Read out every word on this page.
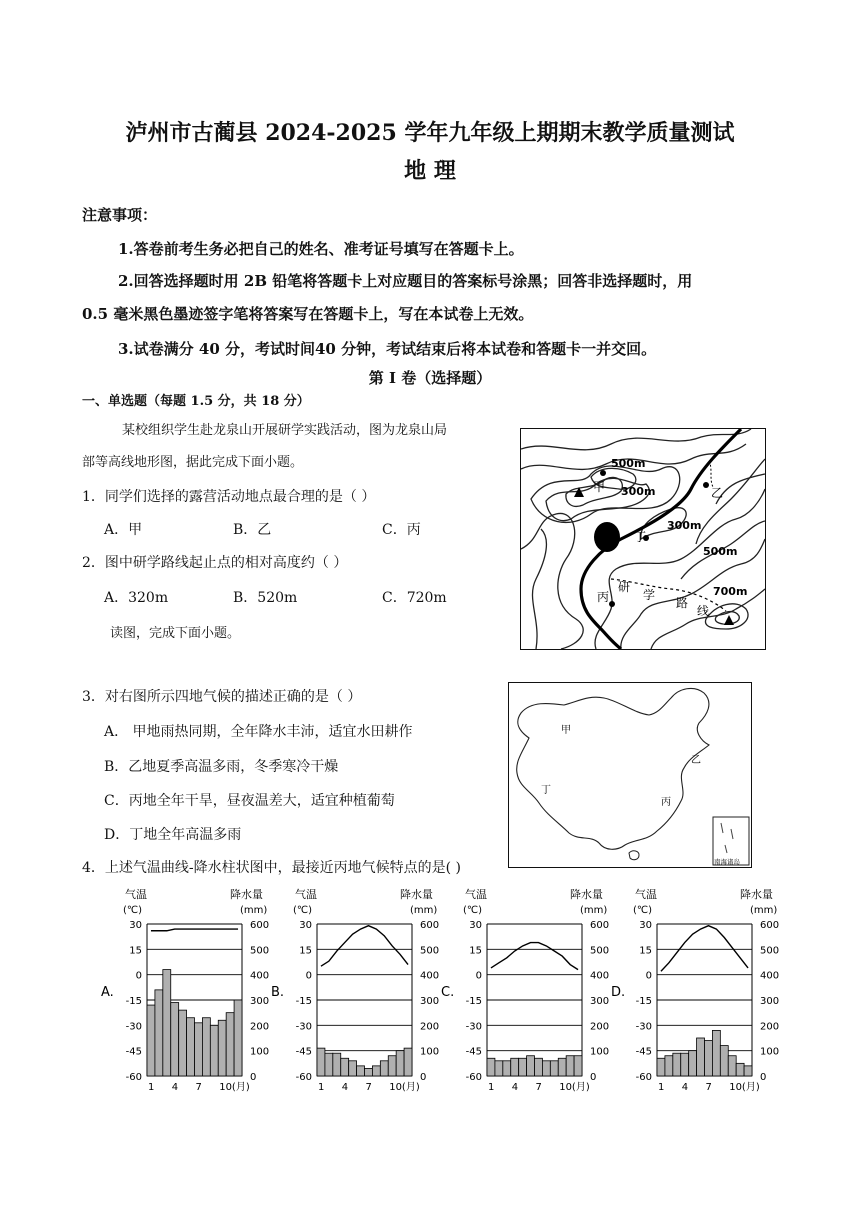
泸州市古蔺县 2024-2025 学年九年级上期期末教学质量测试
地 理
注意事项：
1.答卷前考生务必把自己的姓名、准考证号填写在答题卡上。
2.回答选择题时用 2B 铅笔将答题卡上对应题目的答案标号涂黑；回答非选择题时，用
0.5 毫米黑色墨迹签字笔将答案写在答题卡上，写在本试卷上无效。
3.试卷满分 40 分，考试时间40 分钟，考试结束后将本试卷和答题卡一并交回。
第 I 卷（选择题）
一、单选题（每题 1.5 分，共 18 分）
某校组织学生赴龙泉山开展研学实践活动，图为龙泉山局
部等高线地形图，据此完成下面小题。
1．同学们选择的露营活动地点最合理的是（ ）
A．甲	B．乙	C．丙
2．图中研学路线起止点的相对高度约（ ）
A．320m	B．520m	C．720m
读图，完成下面小题。
3．对右图所示四地气候的描述正确的是（ ）
A． 甲地雨热同期，全年降水丰沛，适宜水田耕作
B．乙地夏季高温多雨，冬季寒冷干燥
C．丙地全年干旱，昼夜温差大，适宜种植葡萄
D．丁地全年高温多雨
4．上述气温曲线-降水柱状图中，最接近丙地气候特点的是( )
甲	乙
丁
丙
500m
300m
300m
500m
700m
研
学
路
线
甲
乙
丁
丙
南海诸岛
气温
(℃)
降水量
(mm)
30	600
15	500
0	400
-15	300
-30	200
-45	100
-60	0
1 4 7 10(月)
A.
气温
(℃)
降水量
(mm)
30	600
15	500
0	400
-15	300
-30	200
-45	100
-60	0
1 4 7 10(月)
B.
气温
(℃)
降水量
(mm)
30	600
15	500
0	400
-15	300
-30	200
-45	100
-60	0
1 4 7 10(月)
C.
气温
(℃)
降水量
(mm)
30	600
15	500
0	400
-15	300
-30	200
-45	100
-60	0
1 4 7 10(月)
D.
